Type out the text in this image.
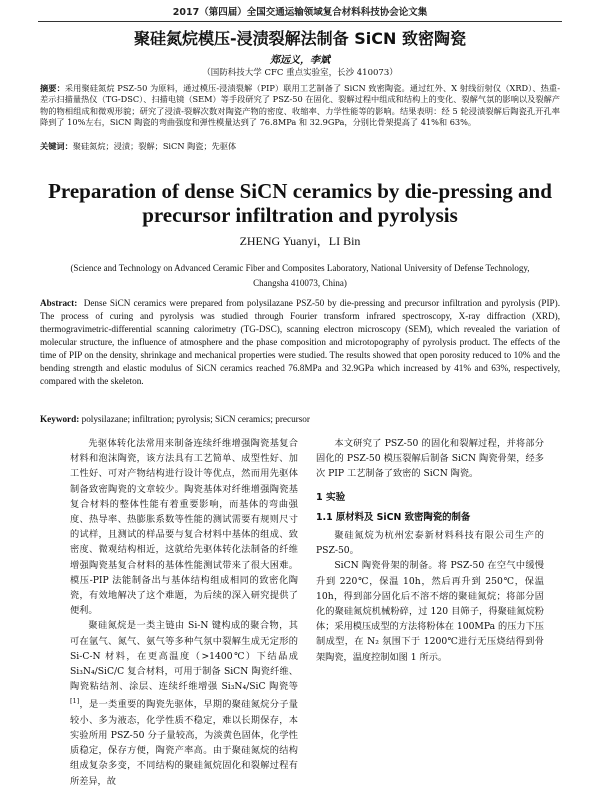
2017（第四届）全国交通运输领域复合材料科技协会论文集
聚硅氮烷模压-浸渍裂解法制备 SiCN 致密陶瓷
郑远义，李斌
（国防科技大学 CFC 重点实验室，长沙 410073）
摘要：采用聚硅氮烷 PSZ-50 为原料，通过模压-浸渍裂解（PIP）联用工艺制备了 SiCN 致密陶瓷。通过红外、X 射线衍射仪（XRD）、热重-差示扫描量热仪（TG-DSC）、扫描电镜（SEM）等手段研究了 PSZ-50 在固化、裂解过程中组成和结构上的变化、裂解气氛的影响以及裂解产物的物相组成和微观形貌；研究了浸渍-裂解次数对陶瓷产物的密度、收缩率、力学性能等的影响。结果表明：经 5 轮浸渍裂解后陶瓷孔开孔率降到了 10%左右，SiCN 陶瓷的弯曲强度和弹性模量达到了 76.8MPa 和 32.9GPa，分别比骨架提高了 41%和 63%。
关键词：聚硅氮烷；浸渍；裂解；SiCN 陶瓷；先驱体
Preparation of dense SiCN ceramics by die-pressing and precursor infiltration and pyrolysis
ZHENG Yuanyi，LI Bin
(Science and Technology on Advanced Ceramic Fiber and Composites Laboratory, National University of Defense Technology, Changsha 410073, China)
Abstract: Dense SiCN ceramics were prepared from polysilazane PSZ-50 by die-pressing and precursor infiltration and pyrolysis (PIP). The process of curing and pyrolysis was studied through Fourier transform infrared spectroscopy, X-ray diffraction (XRD), thermogravimetric-differential scanning calorimetry (TG-DSC), scanning electron microscopy (SEM), which revealed the variation of molecular structure, the influence of atmosphere and the phase composition and microtopography of pyrolysis product. The effects of the time of PIP on the density, shrinkage and mechanical properties were studied. The results showed that open porosity reduced to 10% and the bending strength and elastic modulus of SiCN ceramics reached 76.8MPa and 32.9GPa which increased by 41% and 63%, respectively, compared with the skeleton.
Keyword: polysilazane; infiltration; pyrolysis; SiCN ceramics; precursor

先驱体转化法常用来制备连续纤维增强陶瓷基复合材料和泡沫陶瓷，该方法具有工艺简单、成型性好、加工性好、可对产物结构进行设计等优点，然而用先驱体制备致密陶瓷的文章较少。陶瓷基体对纤维增强陶瓷基复合材料的整体性能有着重要影响，而基体的弯曲强度、热导率、热膨胀系数等性能的测试需要有规则尺寸的试样，且测试的样品要与复合材料中基体的组成、致密度、微观结构相近，这就给先驱体转化法制备的纤维增强陶瓷基复合材料的基体性能测试带来了很大困难。模压-PIP 法能制备出与基体结构组成相同的致密化陶瓷，有效地解决了这个难题，为后续的深入研究提供了便利。

聚硅氮烷是一类主链由 Si-N 键构成的聚合物，其可在氩气、氮气、氨气等多种气氛中裂解生成无定形的 Si-C-N 材料，在更高温度（>1400℃）下结晶成 Si₃N₄/SiC/C 复合材料，可用于制备 SiCN 陶瓷纤维、陶瓷粘结剂、涂层、连续纤维增强 Si₃N₄/SiC 陶瓷等[1]，是一类重要的陶瓷先驱体，早期的聚硅氮烷分子量较小、多为液态，化学性质不稳定，难以长期保存，本实验所用 PSZ-50 分子量较高，为淡黄色固体，化学性质稳定，保存方便，陶瓷产率高。由于聚硅氮烷的结构组成复杂多变，不同结构的聚硅氮烷固化和裂解过程有所差异，故

本文研究了 PSZ-50 的固化和裂解过程，并将部分固化的 PSZ-50 模压裂解后制备 SiCN 陶瓷骨架，经多次 PIP 工艺制备了致密的 SiCN 陶瓷。

1 实验
1.1 原材料及 SiCN 致密陶瓷的制备

聚硅氮烷为杭州宏泰新材料科技有限公司生产的 PSZ-50。

SiCN 陶瓷骨架的制备。将 PSZ-50 在空气中缓慢升到 220℃，保温 10h，然后再升到 250℃，保温 10h，得到部分固化后不溶不熔的聚硅氮烷；将部分固化的聚硅氮烷机械粉碎，过 120 目筛子，得聚硅氮烷粉体；采用模压成型的方法将粉体在 100MPa 的压力下压制成型，在 N₂ 氛围下于 1200℃进行无压烧结得到骨架陶瓷，温度控制如图 1 所示。
